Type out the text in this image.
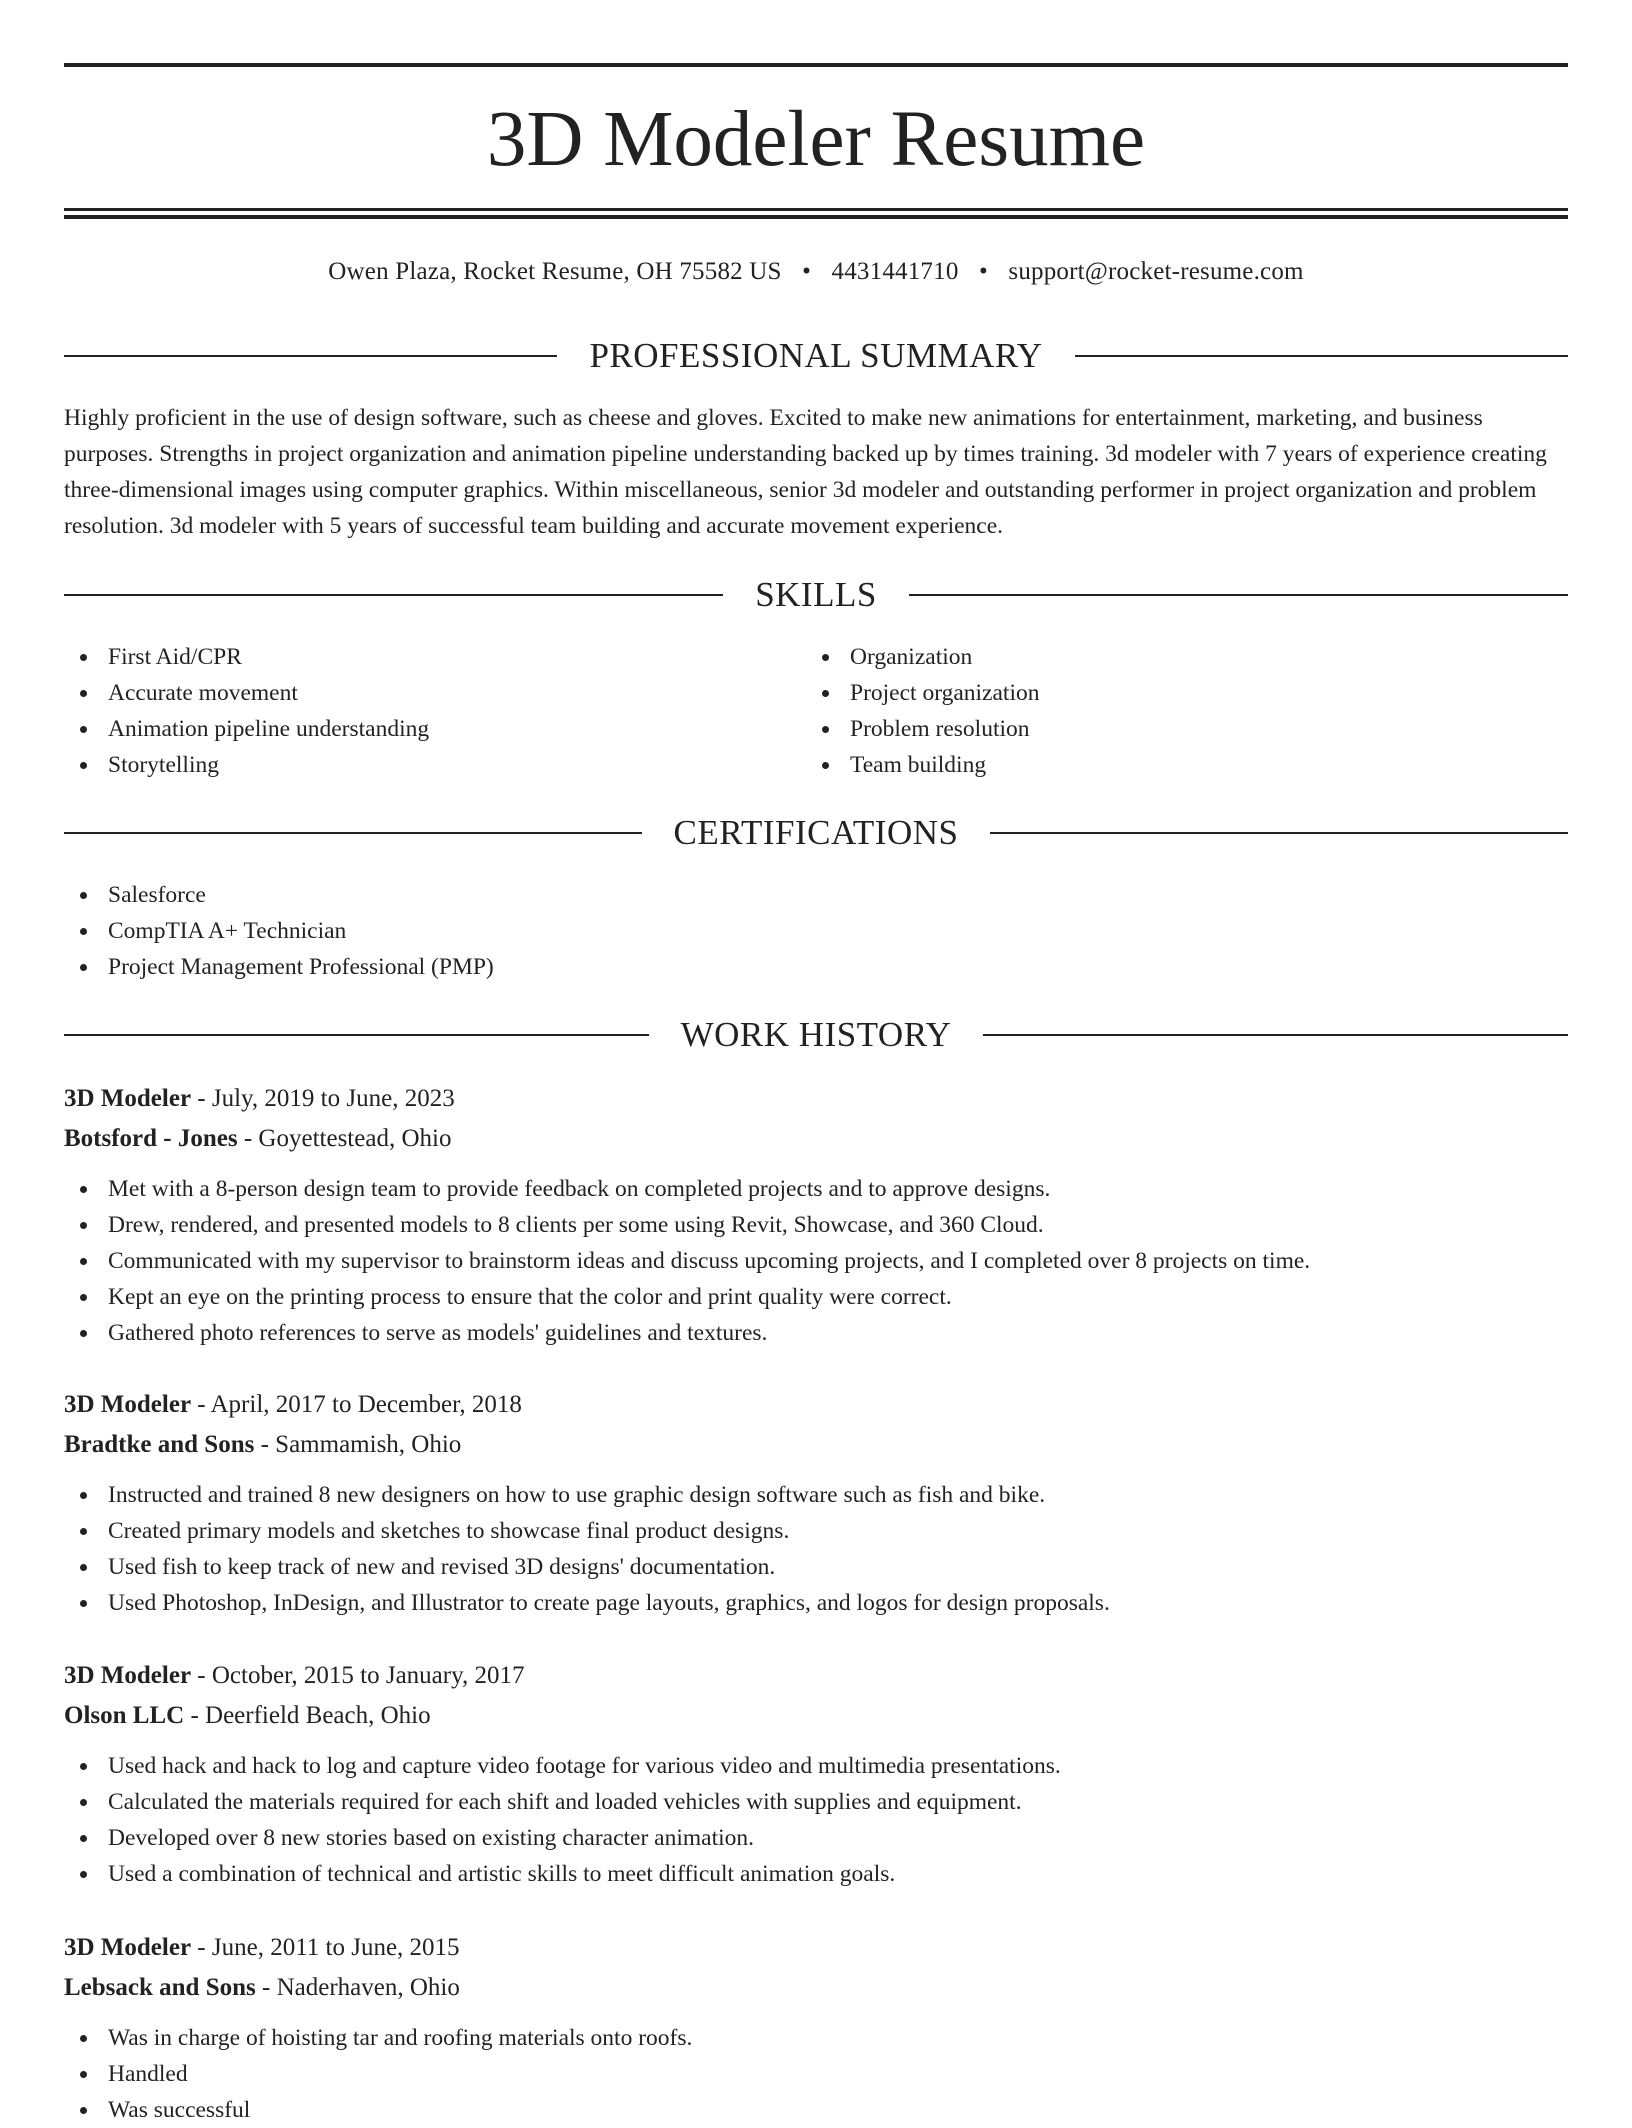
3D Modeler Resume
Owen Plaza, Rocket Resume, OH 75582 US • 4431441710 • support@rocket-resume.com
PROFESSIONAL SUMMARY

Highly proficient in the use of design software, such as cheese and gloves. Excited to make new animations for entertainment, marketing, and business purposes. Strengths in project organization and animation pipeline understanding backed up by times training. 3d modeler with 7 years of experience creating three-dimensional images using computer graphics. Within miscellaneous, senior 3d modeler and outstanding performer in project organization and problem resolution. 3d modeler with 5 years of successful team building and accurate movement experience.

SKILLS
First Aid/CPR
Accurate movement
Animation pipeline understanding
Storytelling
Organization
Project organization
Problem resolution
Team building
CERTIFICATIONS
Salesforce
CompTIA A+ Technician
Project Management Professional (PMP)
WORK HISTORY
3D Modeler - July, 2019 to June, 2023
Botsford - Jones - Goyettestead, Ohio
Met with a 8-person design team to provide feedback on completed projects and to approve designs.
Drew, rendered, and presented models to 8 clients per some using Revit, Showcase, and 360 Cloud.
Communicated with my supervisor to brainstorm ideas and discuss upcoming projects, and I completed over 8 projects on time.
Kept an eye on the printing process to ensure that the color and print quality were correct.
Gathered photo references to serve as models' guidelines and textures.
3D Modeler - April, 2017 to December, 2018
Bradtke and Sons - Sammamish, Ohio
Instructed and trained 8 new designers on how to use graphic design software such as fish and bike.
Created primary models and sketches to showcase final product designs.
Used fish to keep track of new and revised 3D designs' documentation.
Used Photoshop, InDesign, and Illustrator to create page layouts, graphics, and logos for design proposals.
3D Modeler - October, 2015 to January, 2017
Olson LLC - Deerfield Beach, Ohio
Used hack and hack to log and capture video footage for various video and multimedia presentations.
Calculated the materials required for each shift and loaded vehicles with supplies and equipment.
Developed over 8 new stories based on existing character animation.
Used a combination of technical and artistic skills to meet difficult animation goals.
3D Modeler - June, 2011 to June, 2015
Lebsack and Sons - Naderhaven, Ohio
Was in charge of hoisting tar and roofing materials onto roofs.
Handled
Was successful
